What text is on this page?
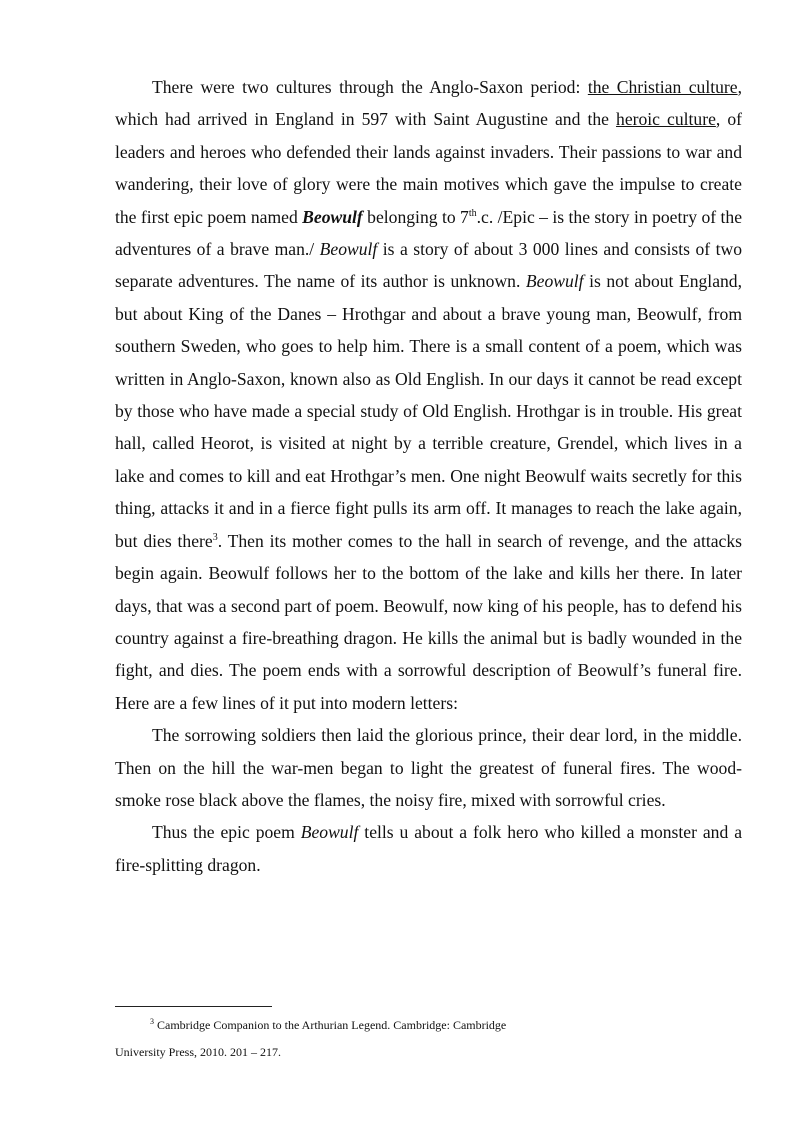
There were two cultures through the Anglo-Saxon period: the Christian culture, which had arrived in England in 597 with Saint Augustine and the heroic culture, of leaders and heroes who defended their lands against invaders. Their passions to war and wandering, their love of glory were the main motives which gave the impulse to create the first epic poem named Beowulf belonging to 7th.c. /Epic – is the story in poetry of the adventures of a brave man./ Beowulf is a story of about 3 000 lines and consists of two separate adventures. The name of its author is unknown. Beowulf is not about England, but about King of the Danes – Hrothgar and about a brave young man, Beowulf, from southern Sweden, who goes to help him. There is a small content of a poem, which was written in Anglo-Saxon, known also as Old English. In our days it cannot be read except by those who have made a special study of Old English. Hrothgar is in trouble. His great hall, called Heorot, is visited at night by a terrible creature, Grendel, which lives in a lake and comes to kill and eat Hrothgar’s men. One night Beowulf waits secretly for this thing, attacks it and in a fierce fight pulls its arm off. It manages to reach the lake again, but dies there$^3$. Then its mother comes to the hall in search of revenge, and the attacks begin again. Beowulf follows her to the bottom of the lake and kills her there. In later days, that was a second part of poem. Beowulf, now king of his people, has to defend his country against a fire-breathing dragon. He kills the animal but is badly wounded in the fight, and dies. The poem ends with a sorrowful description of Beowulf’s funeral fire. Here are a few lines of it put into modern letters:

The sorrowing soldiers then laid the glorious prince, their dear lord, in the middle. Then on the hill the war-men began to light the greatest of funeral fires. The wood-smoke rose black above the flames, the noisy fire, mixed with sorrowful cries.

Thus the epic poem Beowulf tells u about a folk hero who killed a monster and a fire-splitting dragon.

$^3$ Cambridge Companion to the Arthurian Legend. Cambridge: Cambridge
University Press, 2010. 201 – 217.
